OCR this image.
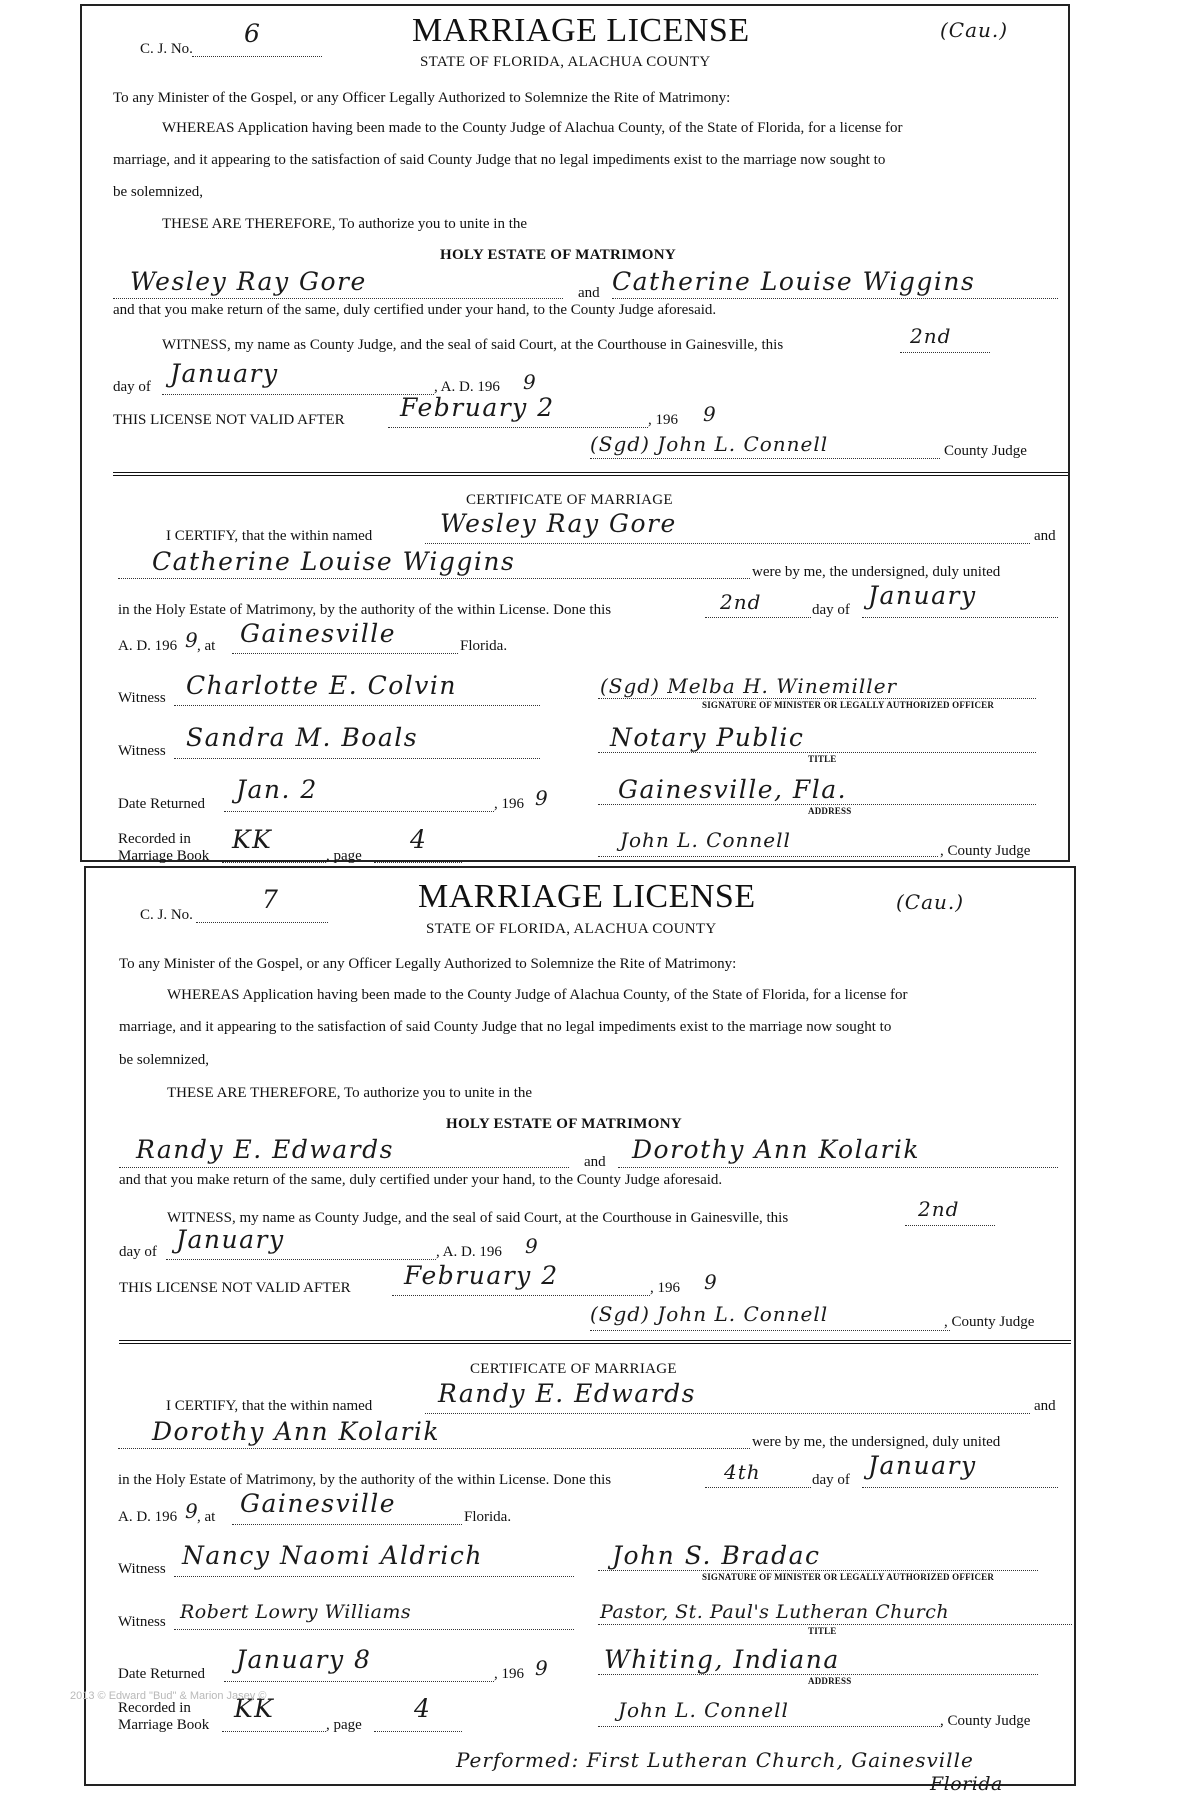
C. J. No.
6	MARRIAGE LICENSE
STATE OF FLORIDA, ALACHUA COUNTY
(Cau.)
To any Minister of the Gospel, or any Officer Legally Authorized to Solemnize the Rite of Matrimony:
WHEREAS Application having been made to the County Judge of Alachua County, of the State of Florida, for a license for
marriage, and it appearing to the satisfaction of said County Judge that no legal impediments exist to the marriage now sought to
be solemnized,
THESE ARE THEREFORE, To authorize you to unite in the
HOLY ESTATE OF MATRIMONY
Wesley Ray Gore	and Catherine Louise Wiggins
and that you make return of the same, duly certified under your hand, to the County Judge aforesaid.
WITNESS, my name as County Judge, and the seal of said Court, at the Courthouse in Gainesville, this	2nd
day of January	, A. D. 196 9
THIS LICENSE NOT VALID AFTER February 2	, 196 9
(Sgd) John L. Connell	County Judge
CERTIFICATE OF MARRIAGE
I CERTIFY, that the within named	Wesley Ray Gore	and
Catherine Louise Wiggins	were by me, the undersigned, duly united
in the Holy Estate of Matrimony, by the authority of the within License. Done this	2nd	day of January
A. D. 196 9
, at Gainesville	Florida.
Witness Charlotte E. Colvin	(Sgd) Melba H. Winemiller
SIGNATURE OF MINISTER OR LEGALLY AUTHORIZED OFFICER
Witness Sandra M. Boals	Notary Public
TITLE
Date Returned Jan. 2	, 196 9	Gainesville, Fla.
ADDRESS
Recorded in
Marriage Book
KK
, page
4	John L. Connell	, County Judge
C. J. No.
7	MARRIAGE LICENSE
STATE OF FLORIDA, ALACHUA COUNTY
(Cau.)
To any Minister of the Gospel, or any Officer Legally Authorized to Solemnize the Rite of Matrimony:
WHEREAS Application having been made to the County Judge of Alachua County, of the State of Florida, for a license for
marriage, and it appearing to the satisfaction of said County Judge that no legal impediments exist to the marriage now sought to
be solemnized,
THESE ARE THEREFORE, To authorize you to unite in the
HOLY ESTATE OF MATRIMONY
Randy E. Edwards	and Dorothy Ann Kolarik
and that you make return of the same, duly certified under your hand, to the County Judge aforesaid.
WITNESS, my name as County Judge, and the seal of said Court, at the Courthouse in Gainesville, this	2nd
day of January	, A. D. 196 9
THIS LICENSE NOT VALID AFTER February 2	, 196 9
(Sgd) John L. Connell	, County Judge
CERTIFICATE OF MARRIAGE
I CERTIFY, that the within named	Randy E. Edwards	and
Dorothy Ann Kolarik	were by me, the undersigned, duly united
in the Holy Estate of Matrimony, by the authority of the within License. Done this	4th	day of January
A. D. 196 9
, at Gainesville	Florida.
Witness Nancy Naomi Aldrich	John S. Bradac
SIGNATURE OF MINISTER OR LEGALLY AUTHORIZED OFFICER
Witness Robert Lowry Williams	Pastor, St. Paul's Lutheran Church
TITLE
Date Returned January 8	, 196 9 Whiting, Indiana
ADDRESS
Recorded in
Marriage Book
KK
, page
4	John L. Connell	, County Judge
Performed: First Lutheran Church, Gainesville
Florida
2013 © Edward "Bud" & Marion Jasey ©
